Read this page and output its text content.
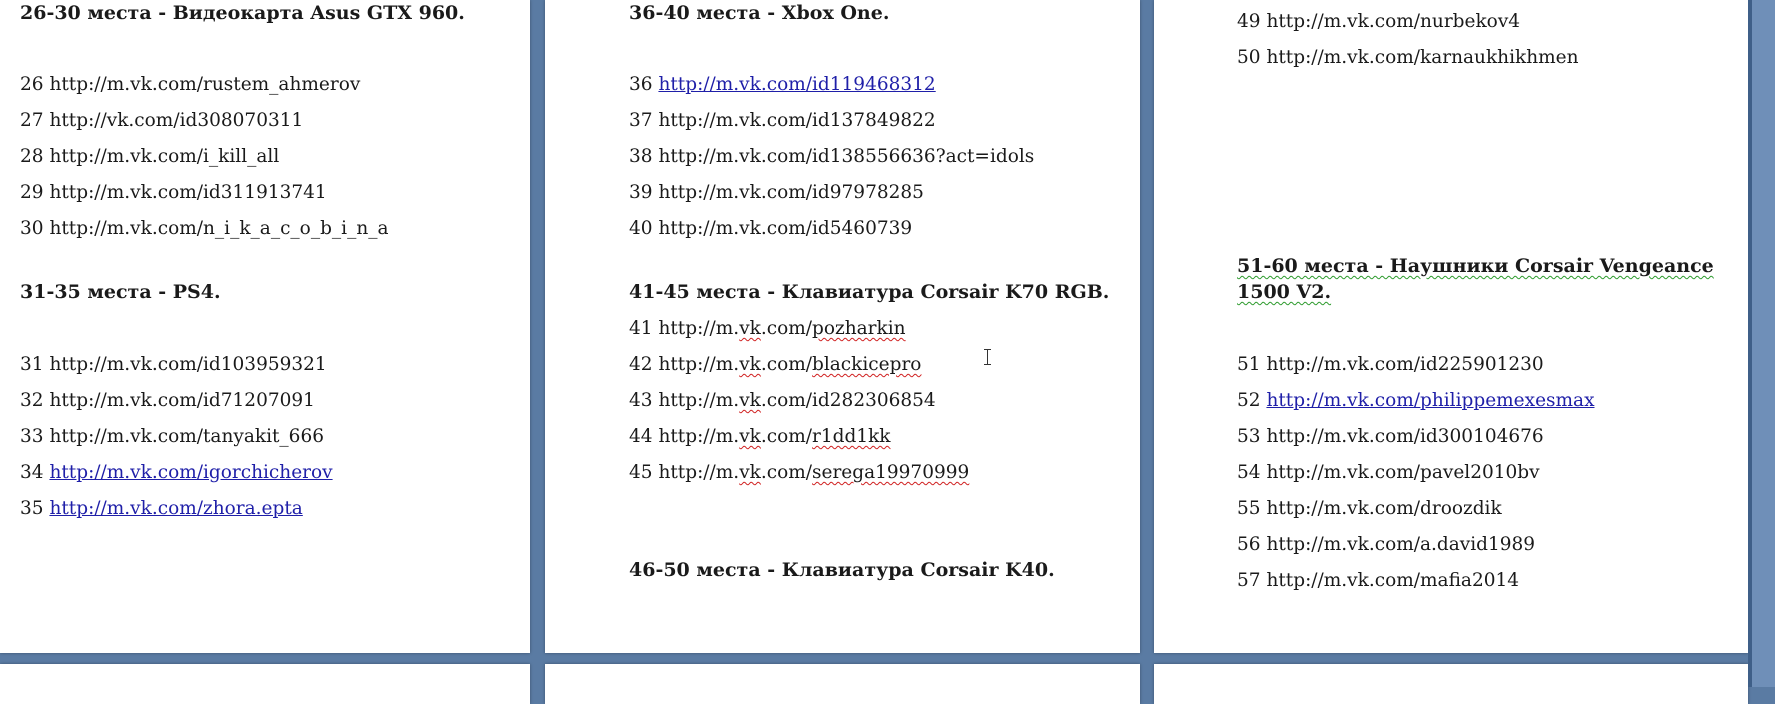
26-30 места - Видеокарта Asus GTX 960.
26 http://m.vk.com/rustem_ahmerov
27 http://vk.com/id308070311
28 http://m.vk.com/i_kill_all
29 http://m.vk.com/id311913741
30 http://m.vk.com/n_i_k_a_c_o_b_i_n_a
31-35 места - PS4.
31 http://m.vk.com/id103959321
32 http://m.vk.com/id71207091
33 http://m.vk.com/tanyakit_666
34 http://m.vk.com/igorchicherov
35 http://m.vk.com/zhora.epta
36-40 места - Xbox One.
36 http://m.vk.com/id119468312
37 http://m.vk.com/id137849822
38 http://m.vk.com/id138556636?act=idols
39 http://m.vk.com/id97978285
40 http://m.vk.com/id5460739
41-45 места - Клавиатура Corsair K70 RGB.
41 http://m.vk.com/pozharkin
42 http://m.vk.com/blackicepro
43 http://m.vk.com/id282306854
44 http://m.vk.com/r1dd1kk
45 http://m.vk.com/serega19970999
46-50 места - Клавиатура Corsair K40.
49 http://m.vk.com/nurbekov4
50 http://m.vk.com/karnaukhikhmen
51-60 места - Наушники Corsair Vengeance 1500 V2.
51 http://m.vk.com/id225901230
52 http://m.vk.com/philippemexesmax
53 http://m.vk.com/id300104676
54 http://m.vk.com/pavel2010bv
55 http://m.vk.com/droozdik
56 http://m.vk.com/a.david1989
57 http://m.vk.com/mafia2014
